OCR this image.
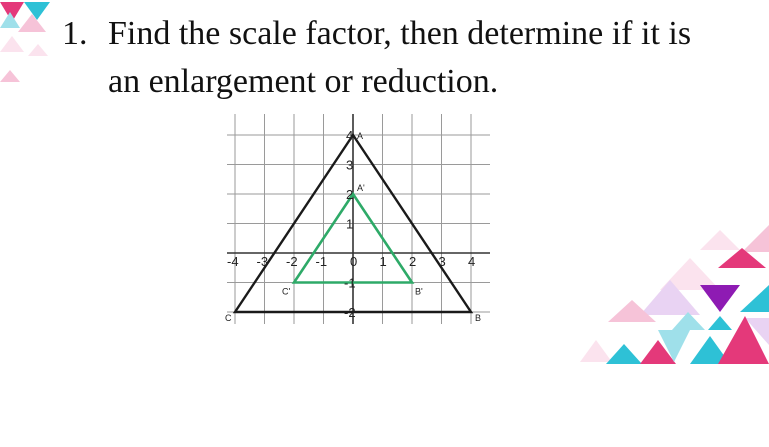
1. Find the scale factor, then determine if it is
an enlargement or reduction.
-4 -3 -2 -1 0 1 2 3 4
4
3
2
1
-1
-2
A
B
C
A'
B'
C'
